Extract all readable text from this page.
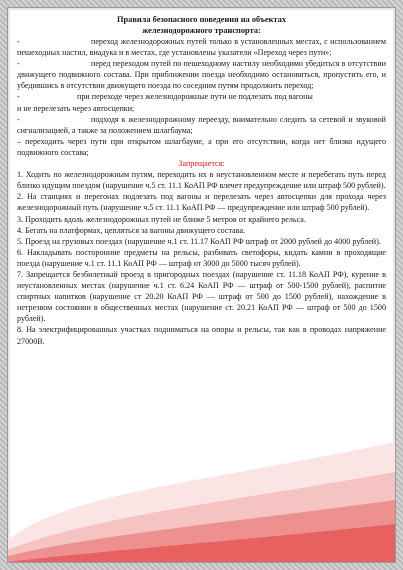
Правила безопасного поведения на объектах

железнодорожного транспорта:

-	переход железнодорожных путей только в установленных местах, с использованием пешеходных настил, виадука и в местах, где установлены указатели «Переход через пути»;

-	перед переходом путей по пешеходному настилу необходимо убедиться в отсутствии движущего подвижного состава. При приближении поезда необходимо остановиться, пропустить его, и убедившись в отсутствии движущего поезда по соседним путям продолжить переход;

-	при переходе через железнодорожные пути не подлезать под вагоны

и не перелезать через автосцепки;

-	подходя к железнодорожному переезду, внимательно следить за сетевой и звуковой сигнализацией, а также за положением шлагбаума;

– переходить через пути при открытом шлагбауме, а при его отсутствии, когда нет близко идущего подвижного состава;

Запрещается:

1. Ходить по железнодорожным путям, переходить их в неустановленном месте и перебегать путь перед близко идущим поездом (нарушение ч.5 ст. 11.1 КоАП РФ влечет предупреждение или штраф 500 рублей).

2. На станциях и перегонах подлезать под вагоны и перелезать через автосцепки для прохода через железнодорожный путь (нарушение ч.5 ст. 11.1 КоАП РФ — предупреждение или штраф 500 рублей).

3. Проходить вдоль железнодорожных путей не ближе 5 метров от крайнего рельса.

4. Бегать на платформах, цепляться за вагоны движущего состава.

5. Проезд на грузовых поездах (нарушение ч.1 ст. 11.17 КоАП РФ штраф от 2000 рублей до 4000 рублей).

6. Накладывать посторонние предметы на рельсы, разбивать светофоры, кидать камни в проходящие поезда (нарушение ч.1 ст. 11.1 КоАП РФ — штраф от 3000 до 5000 тысяч рублей).

7. Запрещается безбилетный проезд в пригородных поездах (нарушение ст. 11.18 КоАП РФ), курение в неустановленных местах (нарушение ч.1 ст. 6.24 КоАП РФ — штраф от 500-1500 рублей), распитие спиртных напитков (нарушение ст 20.20 КоАП РФ — штраф от 500 до 1500 рублей), нахождение в нетрезвом состоянии в общественных местах (нарушение ст. 20.21 КоАП РФ — штраф от 500 до 1500 рублей).

8. На электрифицированных участках подниматься на опоры и рельсы, так как в проводах напряжение 27000В.
